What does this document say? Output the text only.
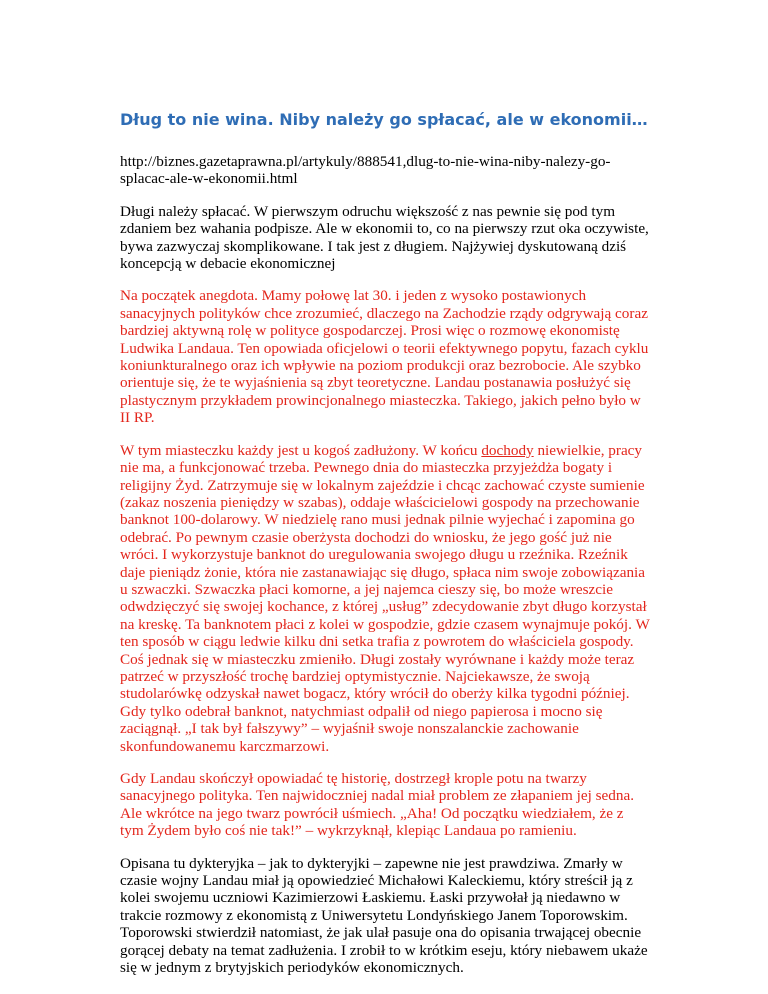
Dług to nie wina. Niby należy go spłacać, ale w ekonomii…

http://biznes.gazetaprawna.pl/artykuly/888541,dlug-to-nie-wina-niby-nalezy-go-splacac-ale-w-ekonomii.html

Długi należy spłacać. W pierwszym odruchu większość z nas pewnie się pod tym zdaniem bez wahania podpisze. Ale w ekonomii to, co na pierwszy rzut oka oczywiste, bywa zazwyczaj skomplikowane. I tak jest z długiem. Najżywiej dyskutowaną dziś koncepcją w debacie ekonomicznej

Na początek anegdota. Mamy połowę lat 30. i jeden z wysoko postawionych sanacyjnych polityków chce zrozumieć, dlaczego na Zachodzie rządy odgrywają coraz bardziej aktywną rolę w polityce gospodarczej. Prosi więc o rozmowę ekonomistę Ludwika Landaua. Ten opowiada oficjelowi o teorii efektywnego popytu, fazach cyklu koniunkturalnego oraz ich wpływie na poziom produkcji oraz bezrobocie. Ale szybko orientuje się, że te wyjaśnienia są zbyt teoretyczne. Landau postanawia posłużyć się plastycznym przykładem prowincjonalnego miasteczka. Takiego, jakich pełno było w II RP.

W tym miasteczku każdy jest u kogoś zadłużony. W końcu dochody niewielkie, pracy nie ma, a funkcjonować trzeba. Pewnego dnia do miasteczka przyjeżdża bogaty i religijny Żyd. Zatrzymuje się w lokalnym zajeździe i chcąc zachować czyste sumienie (zakaz noszenia pieniędzy w szabas), oddaje właścicielowi gospody na przechowanie banknot 100-dolarowy. W niedzielę rano musi jednak pilnie wyjechać i zapomina go odebrać. Po pewnym czasie oberżysta dochodzi do wniosku, że jego gość już nie wróci. I wykorzystuje banknot do uregulowania swojego długu u rzeźnika. Rzeźnik daje pieniądz żonie, która nie zastanawiając się długo, spłaca nim swoje zobowiązania u szwaczki. Szwaczka płaci komorne, a jej najemca cieszy się, bo może wreszcie odwdzięczyć się swojej kochance, z której „usług” zdecydowanie zbyt długo korzystał na kreskę. Ta banknotem płaci z kolei w gospodzie, gdzie czasem wynajmuje pokój. W ten sposób w ciągu ledwie kilku dni setka trafia z powrotem do właściciela gospody. Coś jednak się w miasteczku zmieniło. Długi zostały wyrównane i każdy może teraz patrzeć w przyszłość trochę bardziej optymistycznie. Najciekawsze, że swoją studolarówkę odzyskał nawet bogacz, który wrócił do oberży kilka tygodni później. Gdy tylko odebrał banknot, natychmiast odpalił od niego papierosa i mocno się zaciągnął. „I tak był fałszywy” – wyjaśnił swoje nonszalanckie zachowanie skonfundowanemu karczmarzowi.

Gdy Landau skończył opowiadać tę historię, dostrzegł krople potu na twarzy sanacyjnego polityka. Ten najwidoczniej nadal miał problem ze złapaniem jej sedna. Ale wkrótce na jego twarz powrócił uśmiech. „Aha! Od początku wiedziałem, że z tym Żydem było coś nie tak!” – wykrzyknął, klepiąc Landaua po ramieniu.

Opisana tu dykteryjka – jak to dykteryjki – zapewne nie jest prawdziwa. Zmarły w czasie wojny Landau miał ją opowiedzieć Michałowi Kaleckiemu, który streścił ją z kolei swojemu uczniowi Kazimierzowi Łaskiemu. Łaski przywołał ją niedawno w trakcie rozmowy z ekonomistą z Uniwersytetu Londyńskiego Janem Toporowskim. Toporowski stwierdził natomiast, że jak ulał pasuje ona do opisania trwającej obecnie gorącej debaty na temat zadłużenia. I zrobił to w krótkim eseju, który niebawem ukaże się w jednym z brytyjskich periodyków ekonomicznych.
